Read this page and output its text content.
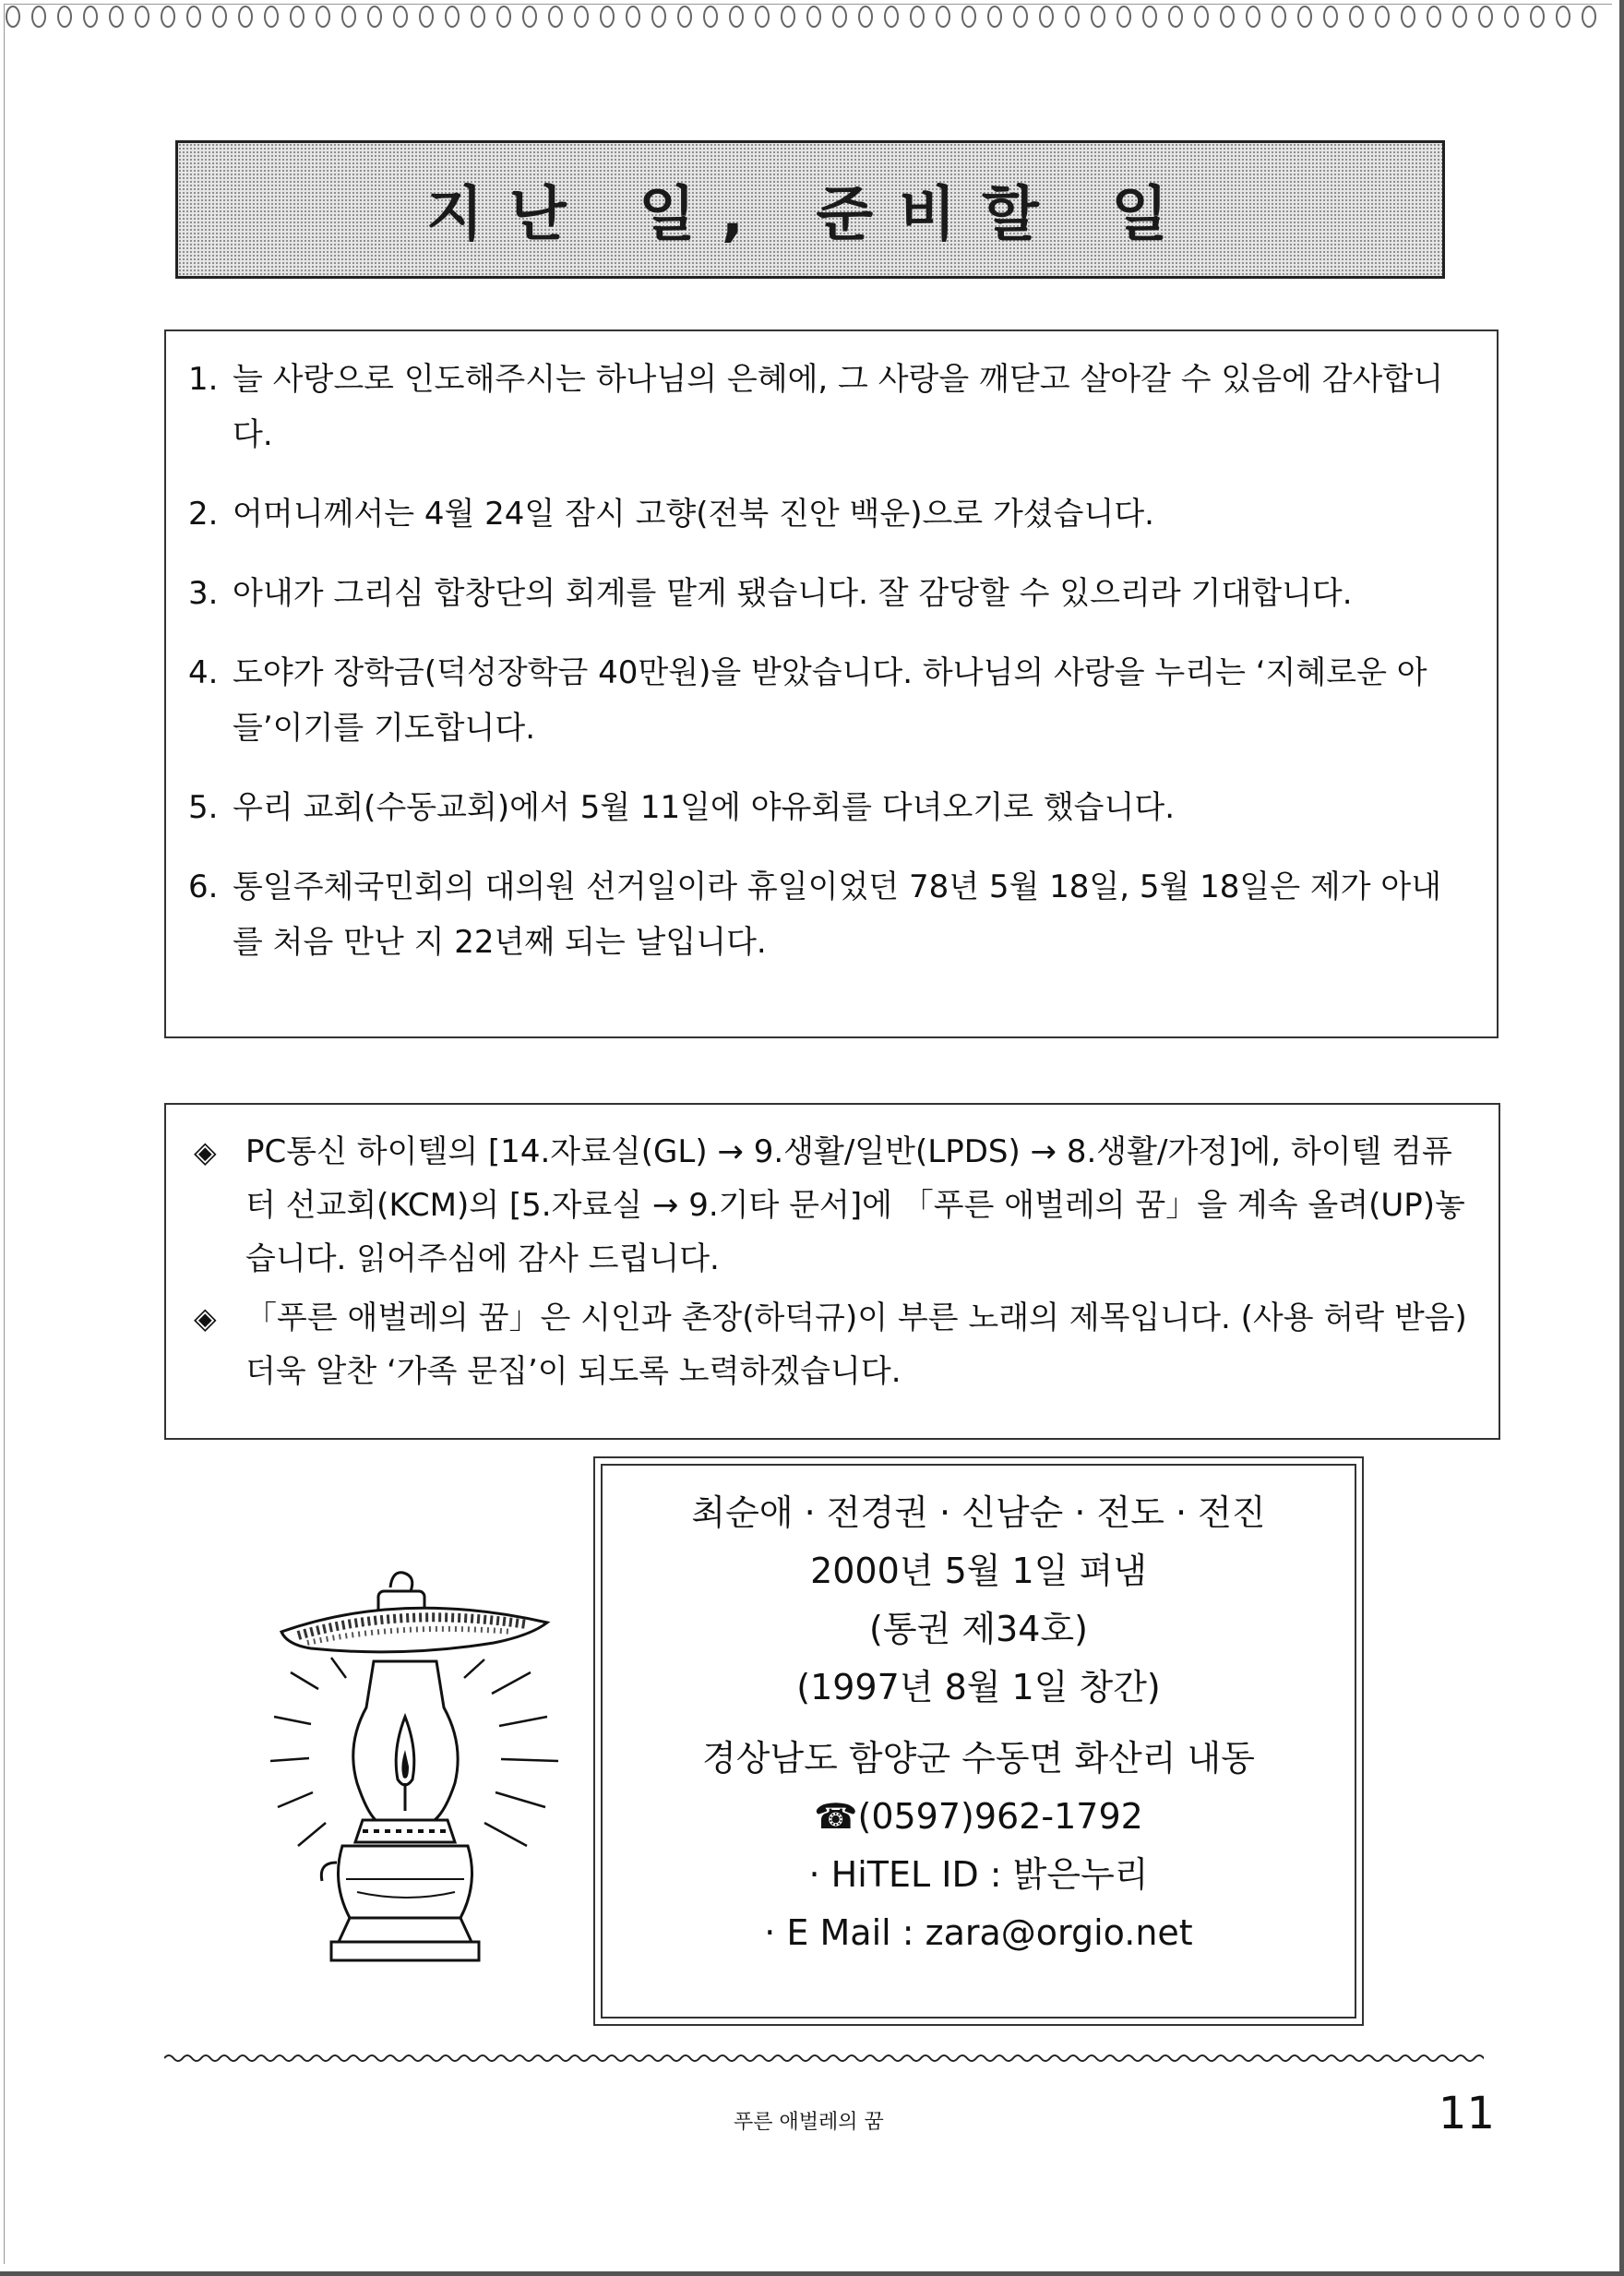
지난 일, 준비할 일
1. 늘 사랑으로 인도해주시는 하나님의 은혜에, 그 사랑을 깨닫고 살아갈 수 있음에 감사합니다.
2. 어머니께서는 4월 24일 잠시 고향(전북 진안 백운)으로 가셨습니다.
3. 아내가 그리심 합창단의 회계를 맡게 됐습니다. 잘 감당할 수 있으리라 기대합니다.
4. 도야가 장학금(덕성장학금 40만원)을 받았습니다. 하나님의 사랑을 누리는 ‘지혜로운 아들’이기를 기도합니다.
5. 우리 교회(수동교회)에서 5월 11일에 야유회를 다녀오기로 했습니다.
6. 통일주체국민회의 대의원 선거일이라 휴일이었던 78년 5월 18일, 5월 18일은 제가 아내를 처음 만난 지 22년째 되는 날입니다.
◈ PC통신 하이텔의 [14.자료실(GL) → 9.생활/일반(LPDS) → 8.생활/가정]에, 하이텔 컴퓨터 선교회(KCM)의 [5.자료실 → 9.기타 문서]에 「푸른 애벌레의 꿈」을 계속 올려(UP)놓습니다. 읽어주심에 감사 드립니다.
◈ 「푸른 애벌레의 꿈」은 시인과 촌장(하덕규)이 부른 노래의 제목입니다. (사용 허락 받음) 더욱 알찬 ‘가족 문집’이 되도록 노력하겠습니다.
최순애 · 전경권 · 신남순 · 전도 · 전진
2000년 5월 1일 펴냄
(통권 제34호)
(1997년 8월 1일 창간)
경상남도 함양군 수동면 화산리 내동
☎(0597)962-1792
· HiTEL ID : 밝은누리
· E Mail : zara@orgio.net
푸른 애벌레의 꿈	11
